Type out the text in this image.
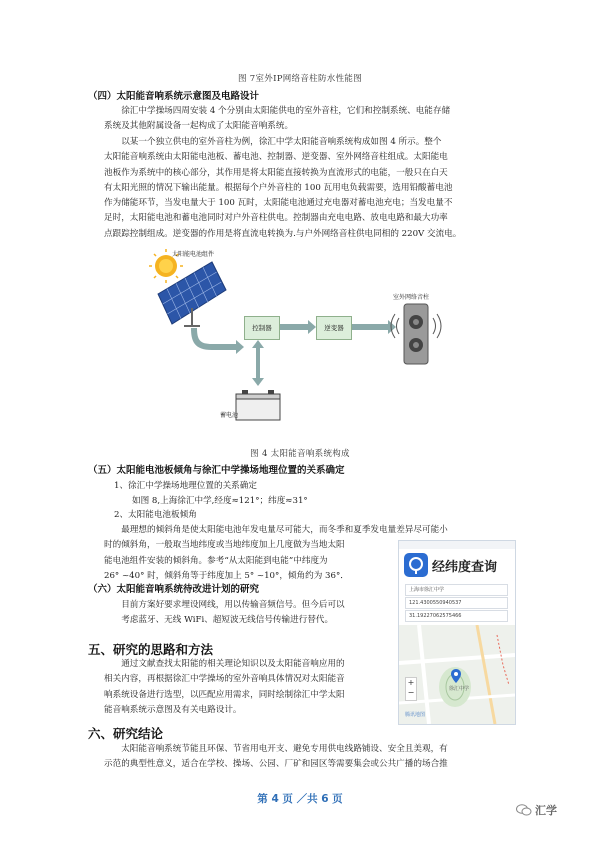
图 7室外IP网络音柱防水性能图
（四）太阳能音响系统示意图及电路设计
徐汇中学操场四周安装 4 个分别由太阳能供电的室外音柱，它们和控制系统、电能存储
系统及其他附属设备一起构成了太阳能音响系统。
以某一个独立供电的室外音柱为例，徐汇中学太阳能音响系统构成如图 4 所示。整个
太阳能音响系统由太阳能电池板、蓄电池、控制器、逆变器、室外网络音柱组成。太阳能电
池板作为系统中的核心部分，其作用是将太阳能直接转换为直流形式的电能，一般只在白天
有太阳光照的情况下输出能量。根据每个户外音柱的 100 瓦用电负载需要，选用铅酸蓄电池
作为储能环节，当发电量大于 100 瓦时，太阳能电池通过充电器对蓄电池充电；当发电量不
足时，太阳能电池和蓄电池同时对户外音柱供电。控制器由充电电路、放电电路和最大功率
点跟踪控制组成。逆变器的作用是将直流电转换为.与户外网络音柱供电同相的 220V 交流电。
太阳能电池组件
控制器	逆变器
室外网络音柱
蓄电池
图 4 太阳能音响系统构成
（五）太阳能电池板倾角与徐汇中学操场地理位置的关系确定
1、徐汇中学操场地理位置的关系确定
如图 8,上海徐汇中学,经度≈121°；纬度≈31°
2、太阳能电池板倾角
最理想的倾斜角是使太阳能电池年发电量尽可能大，而冬季和夏季发电量差异尽可能小
时的倾斜角，一般取当地纬度或当地纬度加上几度做为当地太阳
能电池组件安装的倾斜角。参考“从太阳能到电能”中纬度为
26° ~40° 时，倾斜角等于纬度加上 5° ~10°，倾角约为 36°．
（六）太阳能音响系统待改进计划的研究
目前方案好要求埋设网线，用以传输音频信号。但今后可以
考虑蓝牙、无线 WiFi、超短波无线信号传输进行替代。
经纬度查询
上海市徐汇中学
121.4300550940537
31.19227062575466
徐汇中学
+
−
腾讯地图
五、研究的思路和方法
通过文献查找太阳能的相关理论知识以及太阳能音响应用的
相关内容，再根据徐汇中学操场的室外音响具体情况对太阳能音
响系统设备进行选型，以匹配应用需求，同时绘制徐汇中学太阳
能音响系统示意图及有关电路设计。
六、研究结论
太阳能音响系统节能且环保、节省用电开支、避免专用供电线路铺设、安全且美观，有
示范的典型性意义，适合在学校、操场、公园、厂矿和园区等需要集会或公共广播的场合推
第 4 页 ／共 6 页
汇学
